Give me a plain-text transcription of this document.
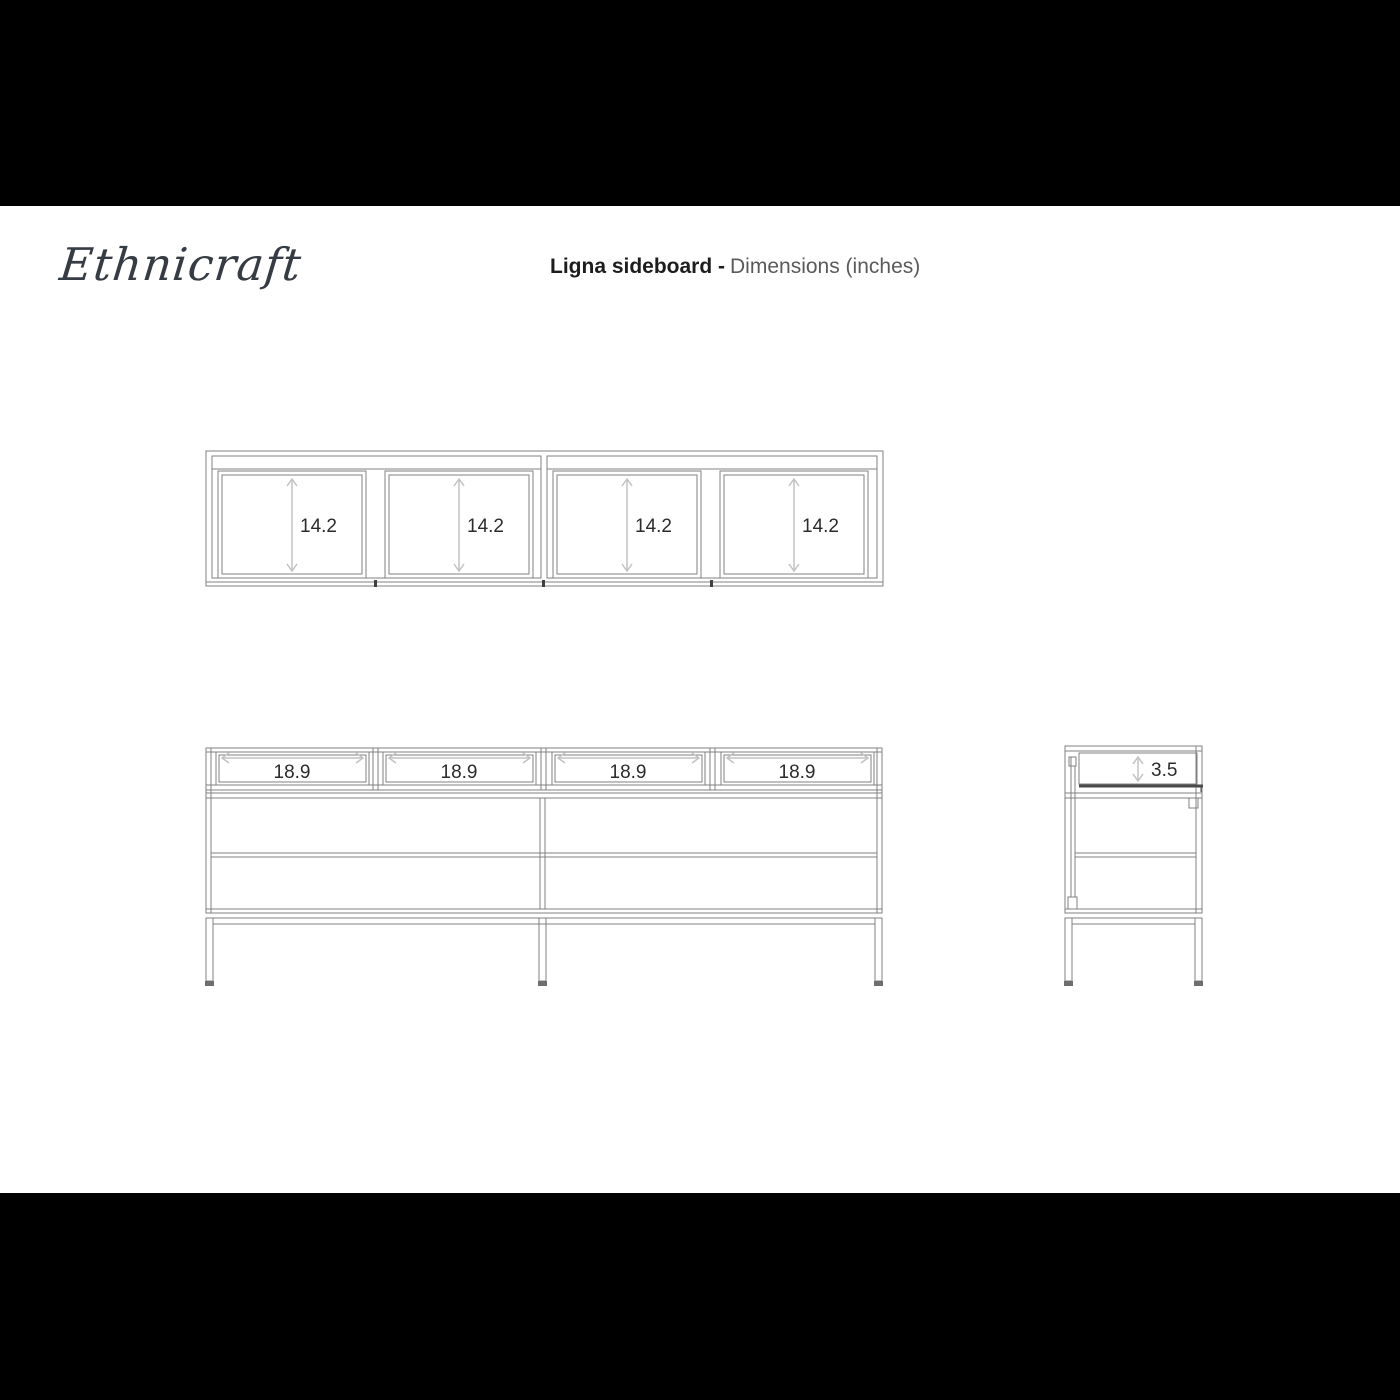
Ethnicraft	Ligna sideboard - Dimensions (inches)
14.2	14.2	14.2	14.2
18.9	18.9	18.9	18.9	3.5
